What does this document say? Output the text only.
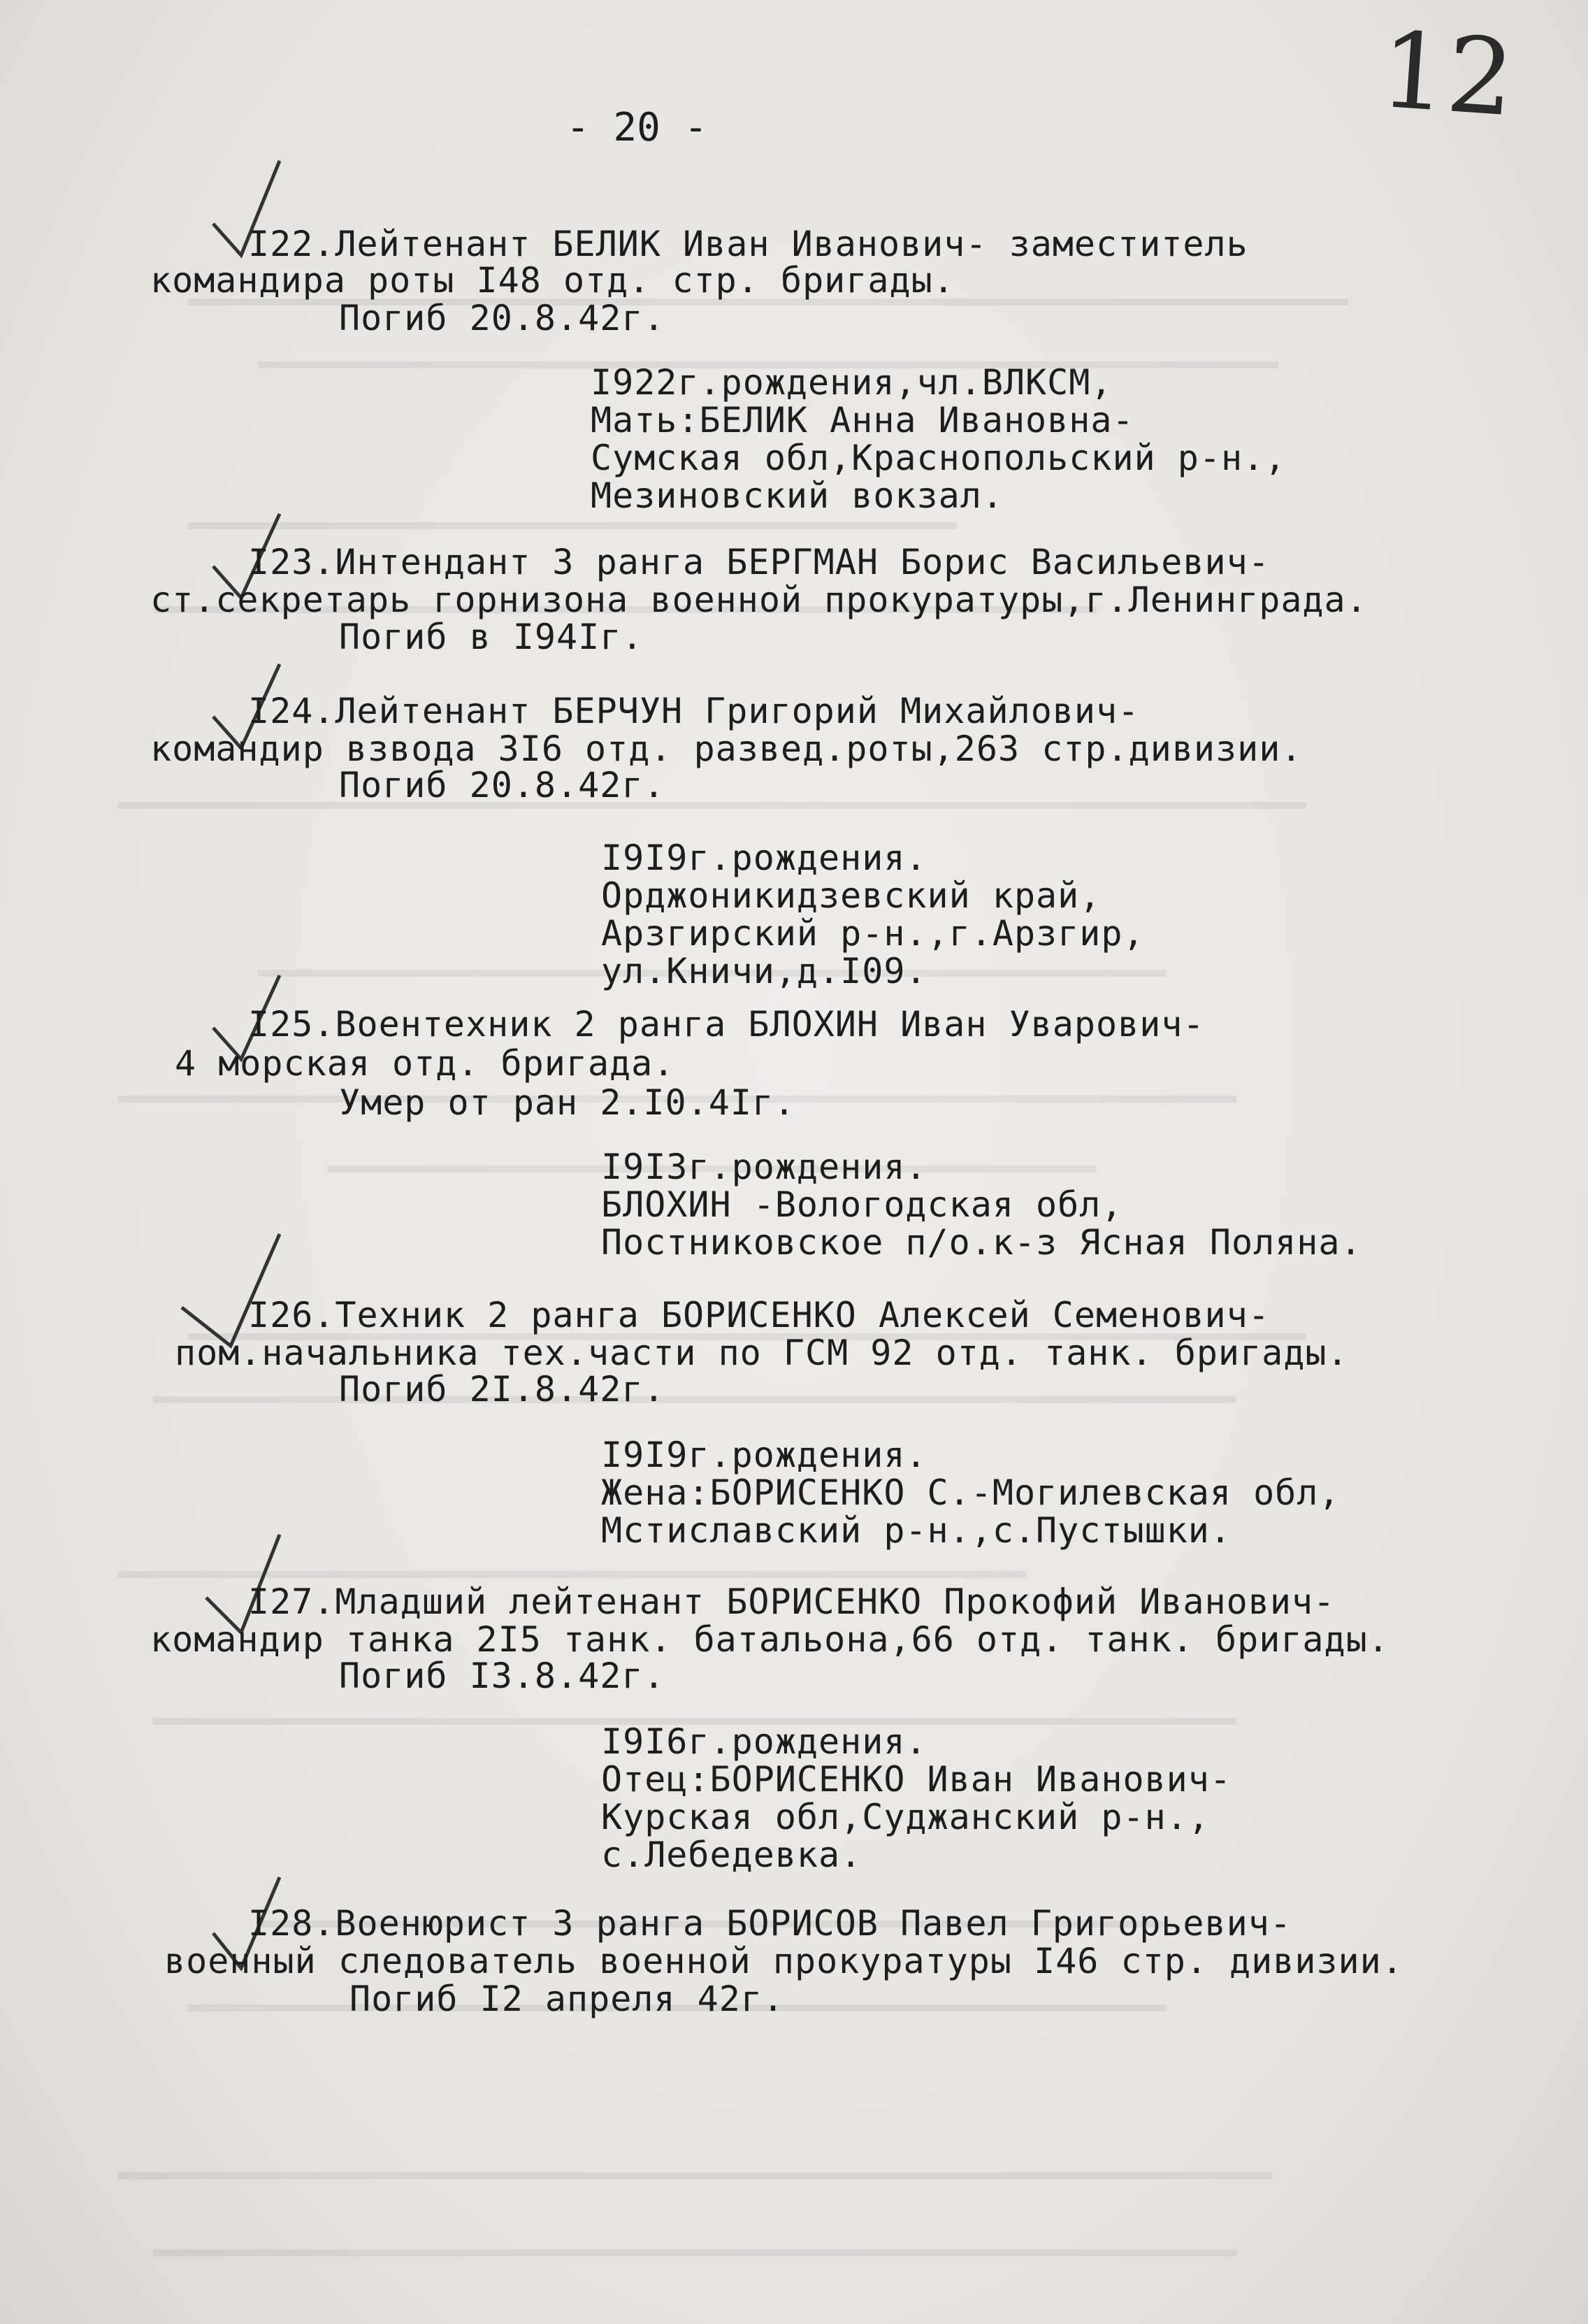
12
- 20 -
I22.Лейтенант БЕЛИК Иван Иванович- заместитель
командира роты I48 отд. стр. бригады.
Погиб 20.8.42г.
I922г.рождения,чл.ВЛКСМ,
Мать:БЕЛИК Анна Ивановна-
Сумская обл,Краснопольский р-н.,
Мезиновский вокзал.
I23.Интендант 3 ранга БЕРГМАН Борис Васильевич-
ст.секретарь горнизона военной прокуратуры,г.Ленинграда.
Погиб в I94Iг.
I24.Лейтенант БЕРЧУН Григорий Михайлович-
командир взвода 3I6 отд. развед.роты,263 стр.дивизии.
Погиб 20.8.42г.
I9I9г.рождения.
Орджоникидзевский край,
Арзгирский р-н.,г.Арзгир,
ул.Кничи,д.I09.
I25.Воентехник 2 ранга БЛОХИН Иван Уварович-
4 морская отд. бригада.
Умер от ран 2.I0.4Iг.
I9I3г.рождения.
БЛОХИН -Вологодская обл,
Постниковское п/о.к-з Ясная Поляна.
I26.Техник 2 ранга БОРИСЕНКО Алексей Семенович-
пом.начальника тех.части по ГСМ 92 отд. танк. бригады.
Погиб 2I.8.42г.
I9I9г.рождения.
Жена:БОРИСЕНКО С.-Могилевская обл,
Мстиславский р-н.,с.Пустышки.
I27.Младший лейтенант БОРИСЕНКО Прокофий Иванович-
командир танка 2I5 танк. батальона,66 отд. танк. бригады.
Погиб I3.8.42г.
I9I6г.рождения.
Отец:БОРИСЕНКО Иван Иванович-
Курская обл,Суджанский р-н.,
с.Лебедевка.
I28.Военюрист 3 ранга БОРИСОВ Павел Григорьевич-
военный следователь военной прокуратуры I46 стр. дивизии.
Погиб I2 апреля 42г.
